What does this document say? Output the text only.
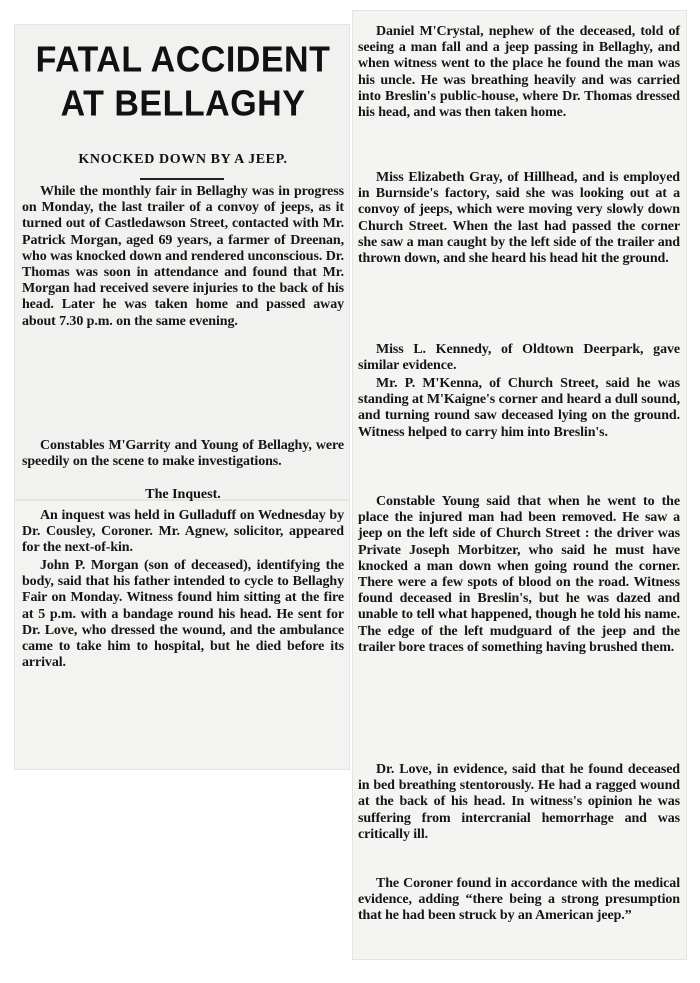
FATAL ACCIDENT AT BELLAGHY
KNOCKED DOWN BY A JEEP.

While the monthly fair in Bellaghy was in progress on Monday, the last trailer of a convoy of jeeps, as it turned out of Castledawson Street, contacted with Mr. Patrick Morgan, aged 69 years, a farmer of Dreenan, who was knocked down and rendered unconscious. Dr. Thomas was soon in attendance and found that Mr. Morgan had received severe injuries to the back of his head. Later he was taken home and passed away about 7.30 p.m. on the same evening.

Constables M'Garrity and Young of Bellaghy, were speedily on the scene to make investigations.

The Inquest.

An inquest was held in Gulladuff on Wednesday by Dr. Cousley, Coroner. Mr. Agnew, solicitor, appeared for the next-of-kin.

John P. Morgan (son of deceased), identifying the body, said that his father intended to cycle to Bellaghy Fair on Monday. Witness found him sitting at the fire at 5 p.m. with a bandage round his head. He sent for Dr. Love, who dressed the wound, and the ambulance came to take him to hospital, but he died before its arrival.

Daniel M'Crystal, nephew of the deceased, told of seeing a man fall and a jeep passing in Bellaghy, and when witness went to the place he found the man was his uncle. He was breathing heavily and was carried into Breslin's public-house, where Dr. Thomas dressed his head, and was then taken home.

Miss Elizabeth Gray, of Hillhead, and is employed in Burnside's factory, said she was looking out at a convoy of jeeps, which were moving very slowly down Church Street. When the last had passed the corner she saw a man caught by the left side of the trailer and thrown down, and she heard his head hit the ground.

Miss L. Kennedy, of Oldtown Deerpark, gave similar evidence.

Mr. P. M'Kenna, of Church Street, said he was standing at M'Kaigne's corner and heard a dull sound, and turning round saw deceased lying on the ground. Witness helped to carry him into Breslin's.

Constable Young said that when he went to the place the injured man had been removed. He saw a jeep on the left side of Church Street : the driver was Private Joseph Morbitzer, who said he must have knocked a man down when going round the corner. There were a few spots of blood on the road. Witness found deceased in Breslin's, but he was dazed and unable to tell what happened, though he told his name. The edge of the left mudguard of the jeep and the trailer bore traces of something having brushed them.

Dr. Love, in evidence, said that he found deceased in bed breathing stentorously. He had a ragged wound at the back of his head. In witness's opinion he was suffering from intercranial hemorrhage and was critically ill.

The Coroner found in accordance with the medical evidence, adding “there being a strong presumption that he had been struck by an American jeep.”
